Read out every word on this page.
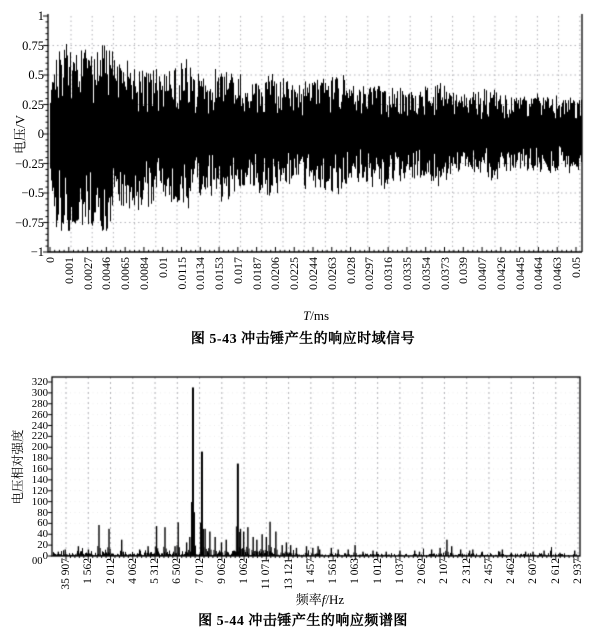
1
0.75
0.5
0.25
0
−0.25
−0.5
−0.75
−1
电压/V
0 0.001 0.0027 0.0046 0.0065 0.0084 0.01 0.0115 0.0134 0.0153 0.017 0.0187 0.0206 0.0225 0.0244 0.0263 0.028 0.0297 0.0316 0.0335 0.0354 0.0373 0.039 0.0407 0.0426 0.0445 0.0464 0.0463 0.05
T/ms
图 5-43 冲击锤产生的响应时域信号
320
300
280
260
240
220
200
180
160
140
120
100
80
60
40
20
0
电压相对强度
00 35 907 1 562 2 012 4 062 5 312 6 502 7 012 9 062 1 062 11 071 13 121 1 457 1 561 1 063 1 012 1 037 2 062 2 107 2 312 2 457 2 462 2 607 2 612 2 937
频率f/Hz
图 5-44 冲击锤产生的响应频谱图
